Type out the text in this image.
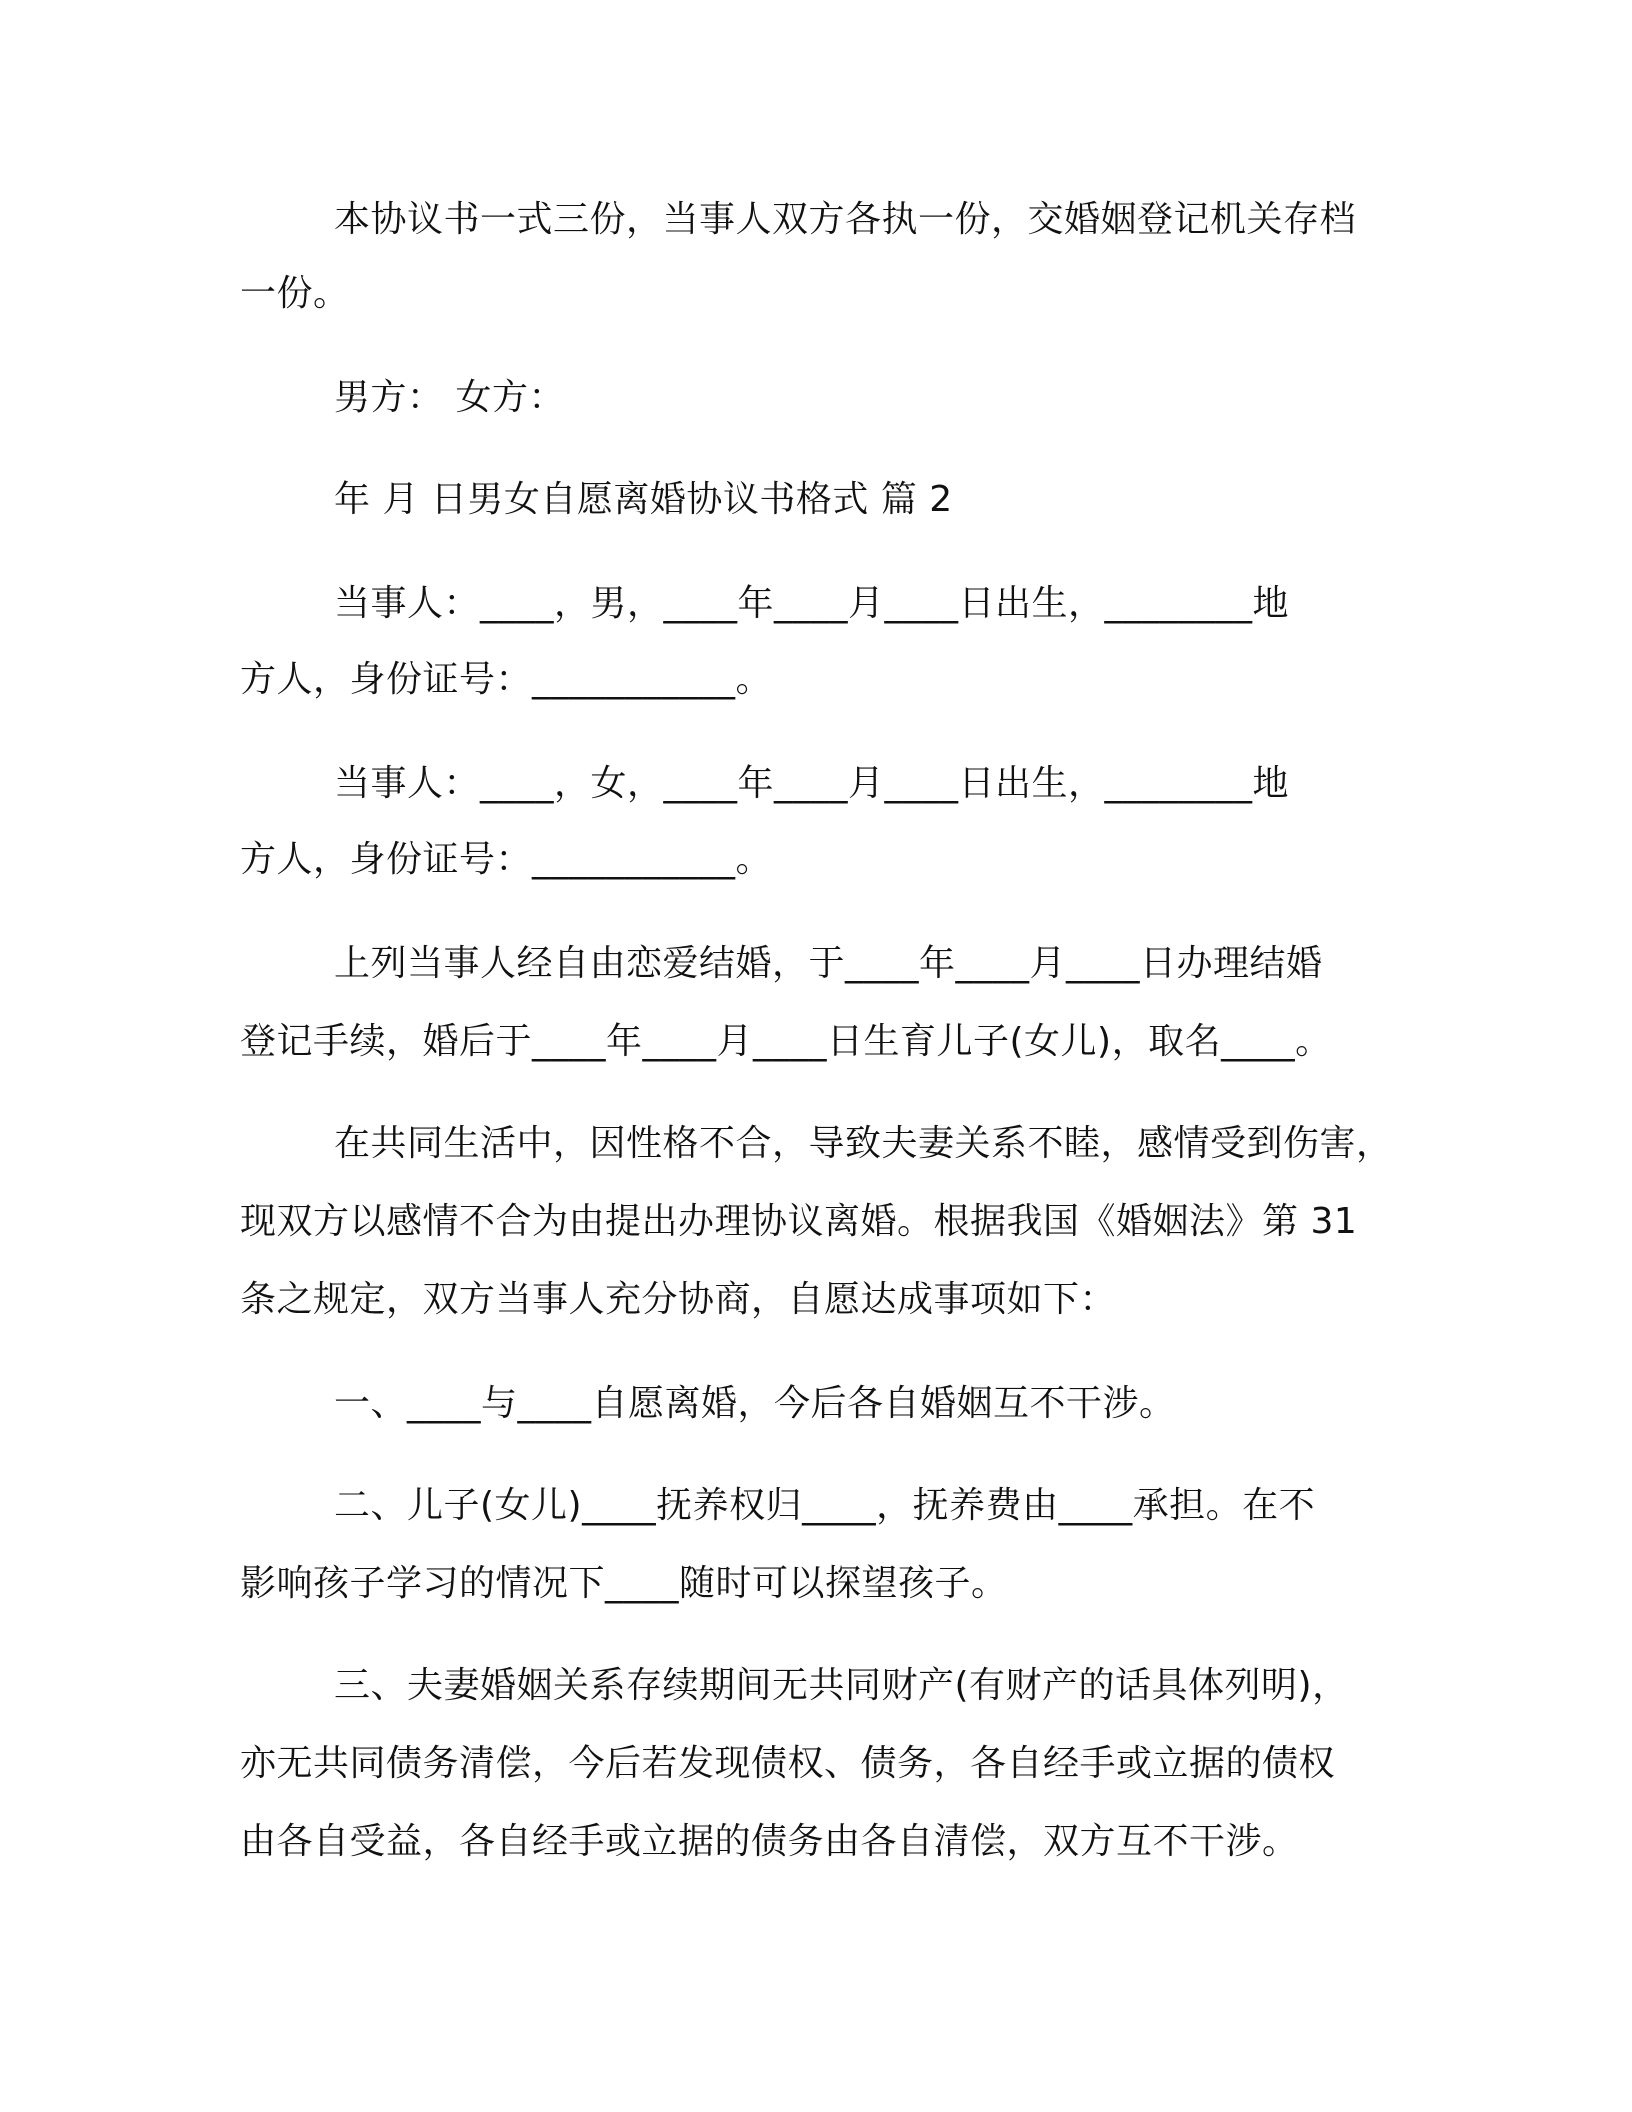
本协议书一式三份，当事人双方各执一份，交婚姻登记机关存档
一份。
男方： 女方：
年 月 日男女自愿离婚协议书格式 篇 2
当事人：____，男，____年____月____日出生，________地
方人，身份证号：___________。
当事人：____，女，____年____月____日出生，________地
方人，身份证号：___________。
上列当事人经自由恋爱结婚，于____年____月____日办理结婚
登记手续，婚后于____年____月____日生育儿子(女儿)，取名____。
在共同生活中，因性格不合，导致夫妻关系不睦，感情受到伤害，
现双方以感情不合为由提出办理协议离婚。根据我国《婚姻法》第 31
条之规定，双方当事人充分协商，自愿达成事项如下：
一、____与____自愿离婚，今后各自婚姻互不干涉。
二、儿子(女儿)____抚养权归____，抚养费由____承担。在不
影响孩子学习的情况下____随时可以探望孩子。
三、夫妻婚姻关系存续期间无共同财产(有财产的话具体列明)，
亦无共同债务清偿，今后若发现债权、债务，各自经手或立据的债权
由各自受益，各自经手或立据的债务由各自清偿，双方互不干涉。
